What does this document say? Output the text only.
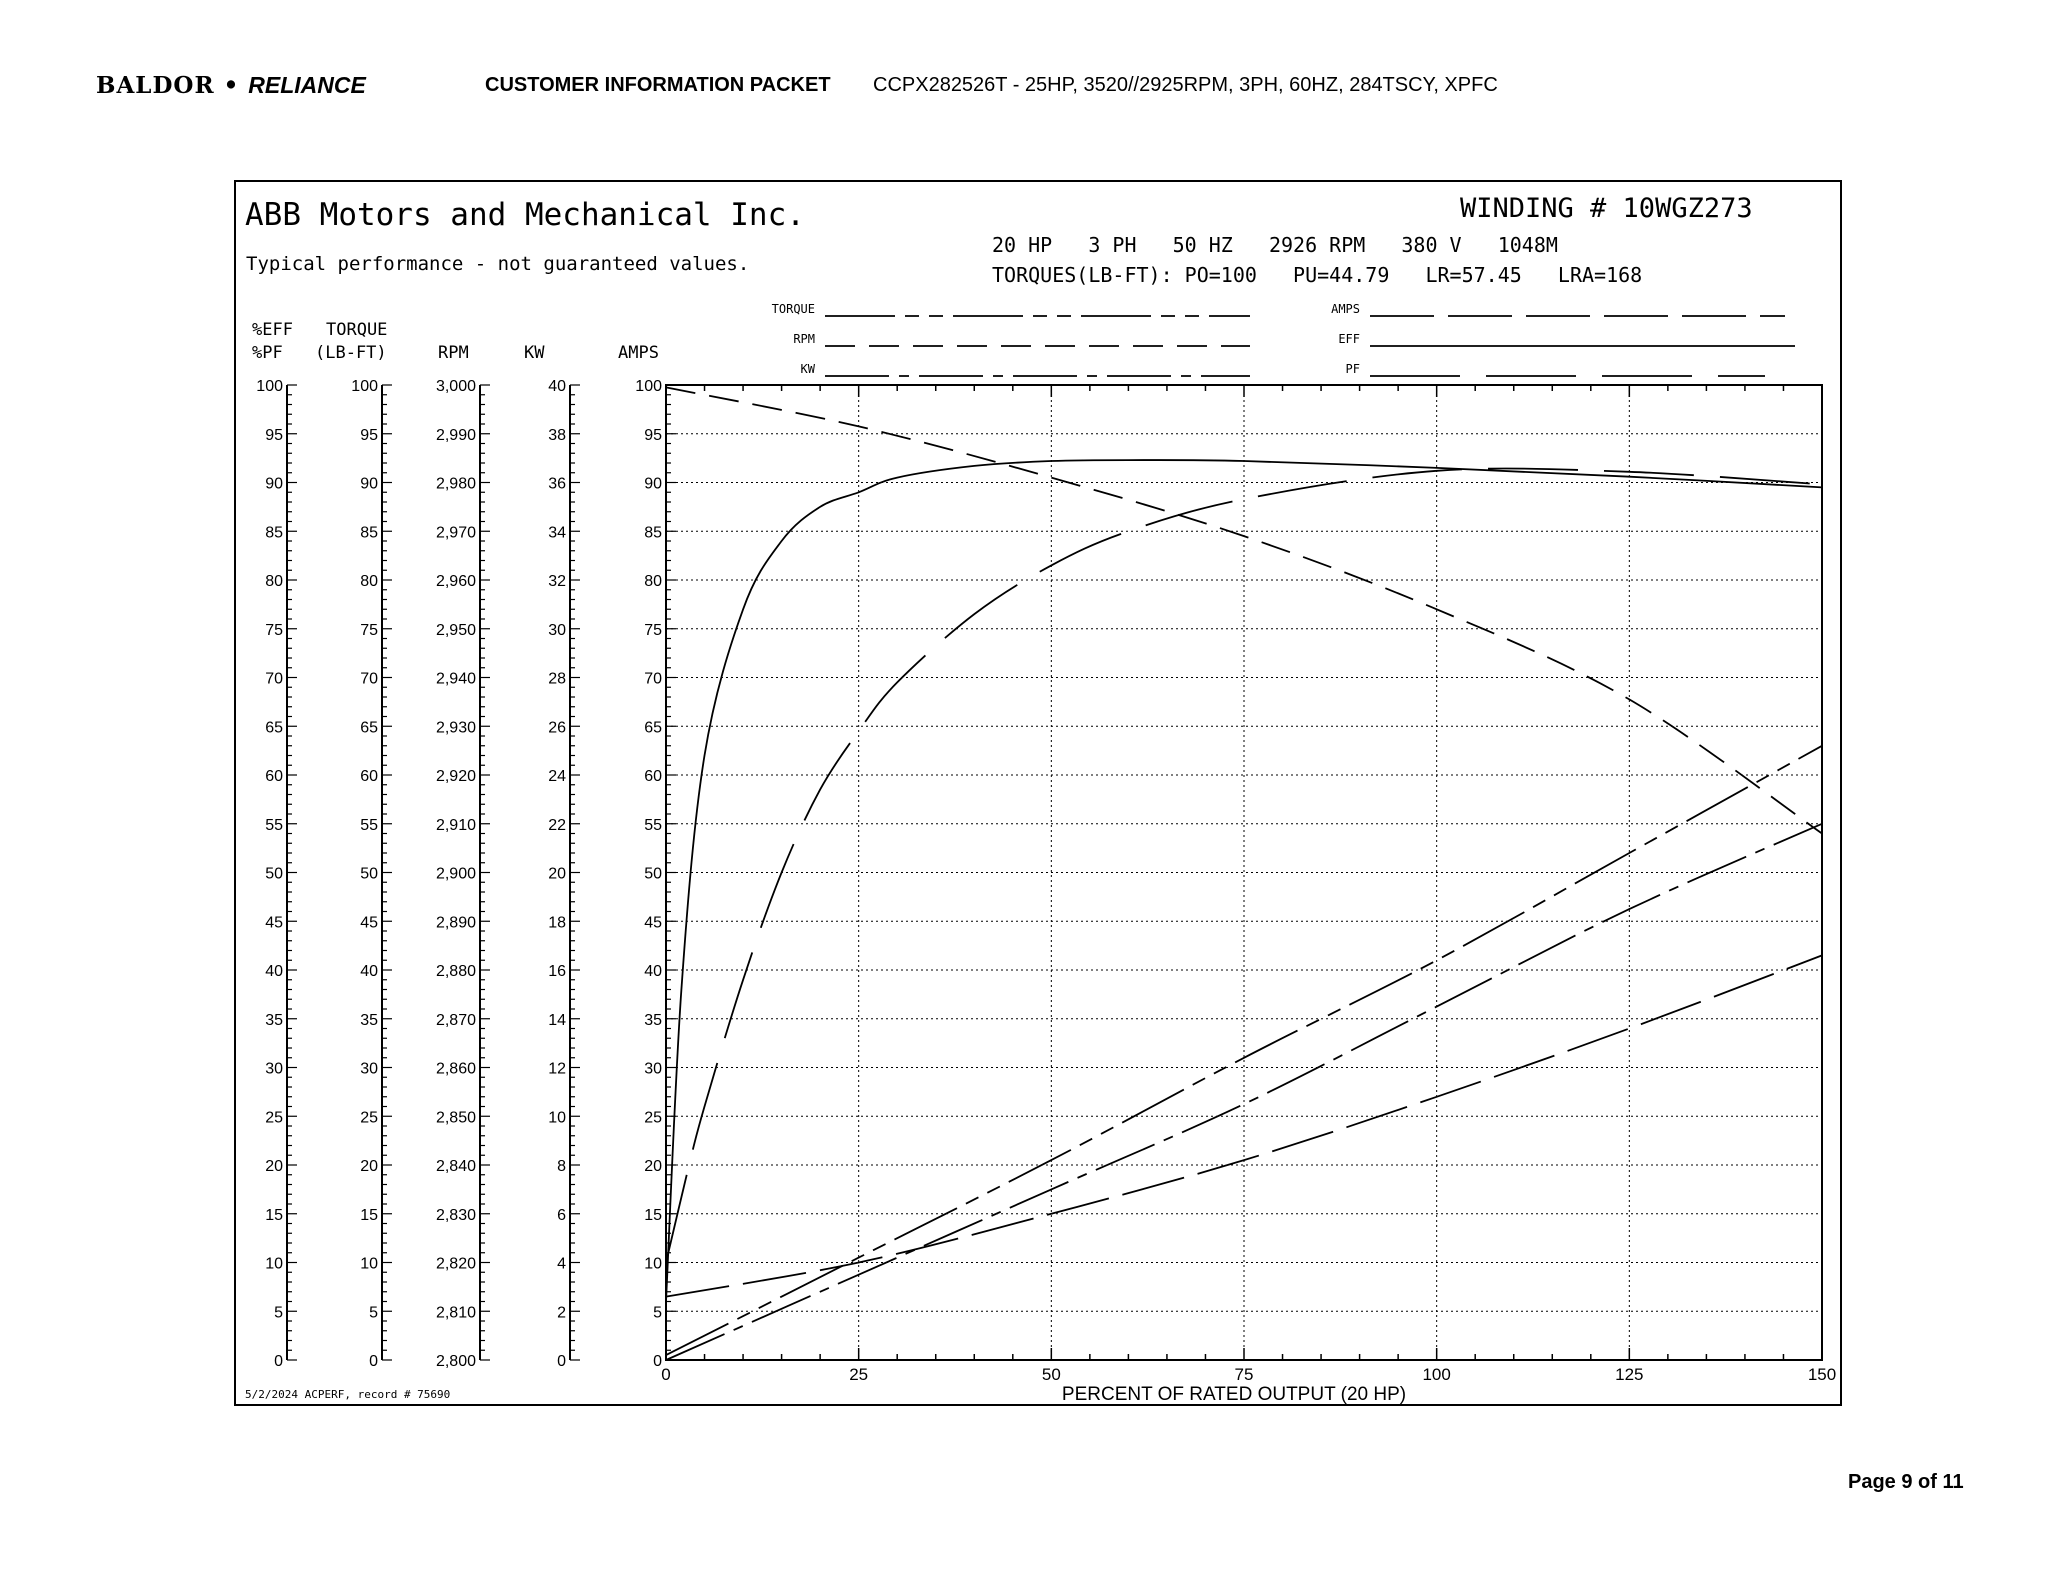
BALDOR • RELIANCE	CUSTOMER INFORMATION PACKET CCPX282526T - 25HP, 3520//2925RPM, 3PH, 60HZ, 284TSCY, XPFC
ABB Motors and Mechanical Inc.
Typical performance - not guaranteed values.
WINDING # 10WGZ273
20 HP   3 PH   50 HZ   2926 RPM   380 V   1048M
TORQUES(LB-FT): PO=100   PU=44.79   LR=57.45   LRA=168
%EFF
%PF
TORQUE
(LB-FT)	RPM	KW	AMPS
0	25	50	75	100	125	150
PERCENT OF RATED OUTPUT (20 HP)
0
5
10
15
20
25
30
35
40
45
50
55
60
65
70
75
80
85
90
95
100
0
5
10
15
20
25
30
35
40
45
50
55
60
65
70
75
80
85
90
95
100
2,800
2,810
2,820
2,830
2,840
2,850
2,860
2,870
2,880
2,890
2,900
2,910
2,920
2,930
2,940
2,950
2,960
2,970
2,980
2,990
3,000
0
2
4
6
8
10
12
14
16
18
20
22
24
26
28
30
32
34
36
38
40
0
5
10
15
20
25
30
35
40
45
50
55
60
65
70
75
80
85
90
95
100
TORQUE
RPM
KW
AMPS
EFF
PF
5/2/2024 ACPERF, record # 75690
Page 9 of 11
